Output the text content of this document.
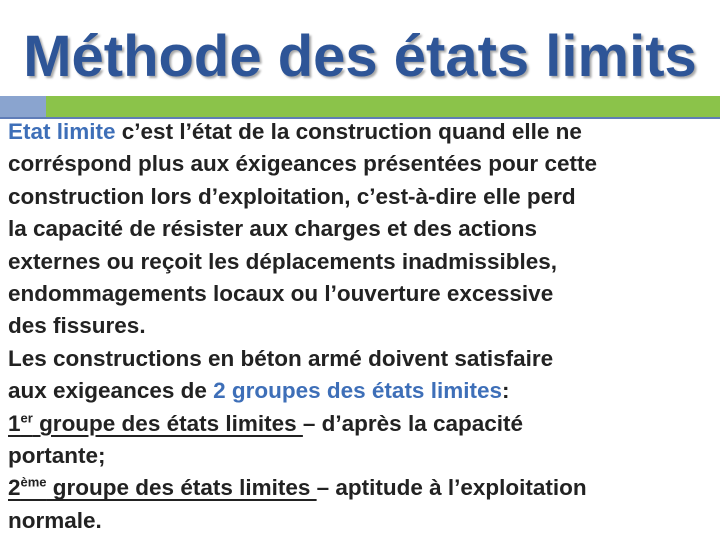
Méthode des états limits
Etat limite c’est l’état de la construction quand elle ne
corréspond plus aux éxigeances présentées pour cette
construction lors d’exploitation, c’est-à-dire elle perd
la capacité de résister aux charges et des actions
externes ou reçoit les déplacements inadmissibles,
endommagements locaux ou l’ouverture excessive
des fissures.
Les constructions en béton armé doivent satisfaire
aux exigeances de 2 groupes des états limites:
1er groupe des états limites – d’après la capacité
portante;
2ème groupe des états limites – aptitude à l’exploitation
normale.
